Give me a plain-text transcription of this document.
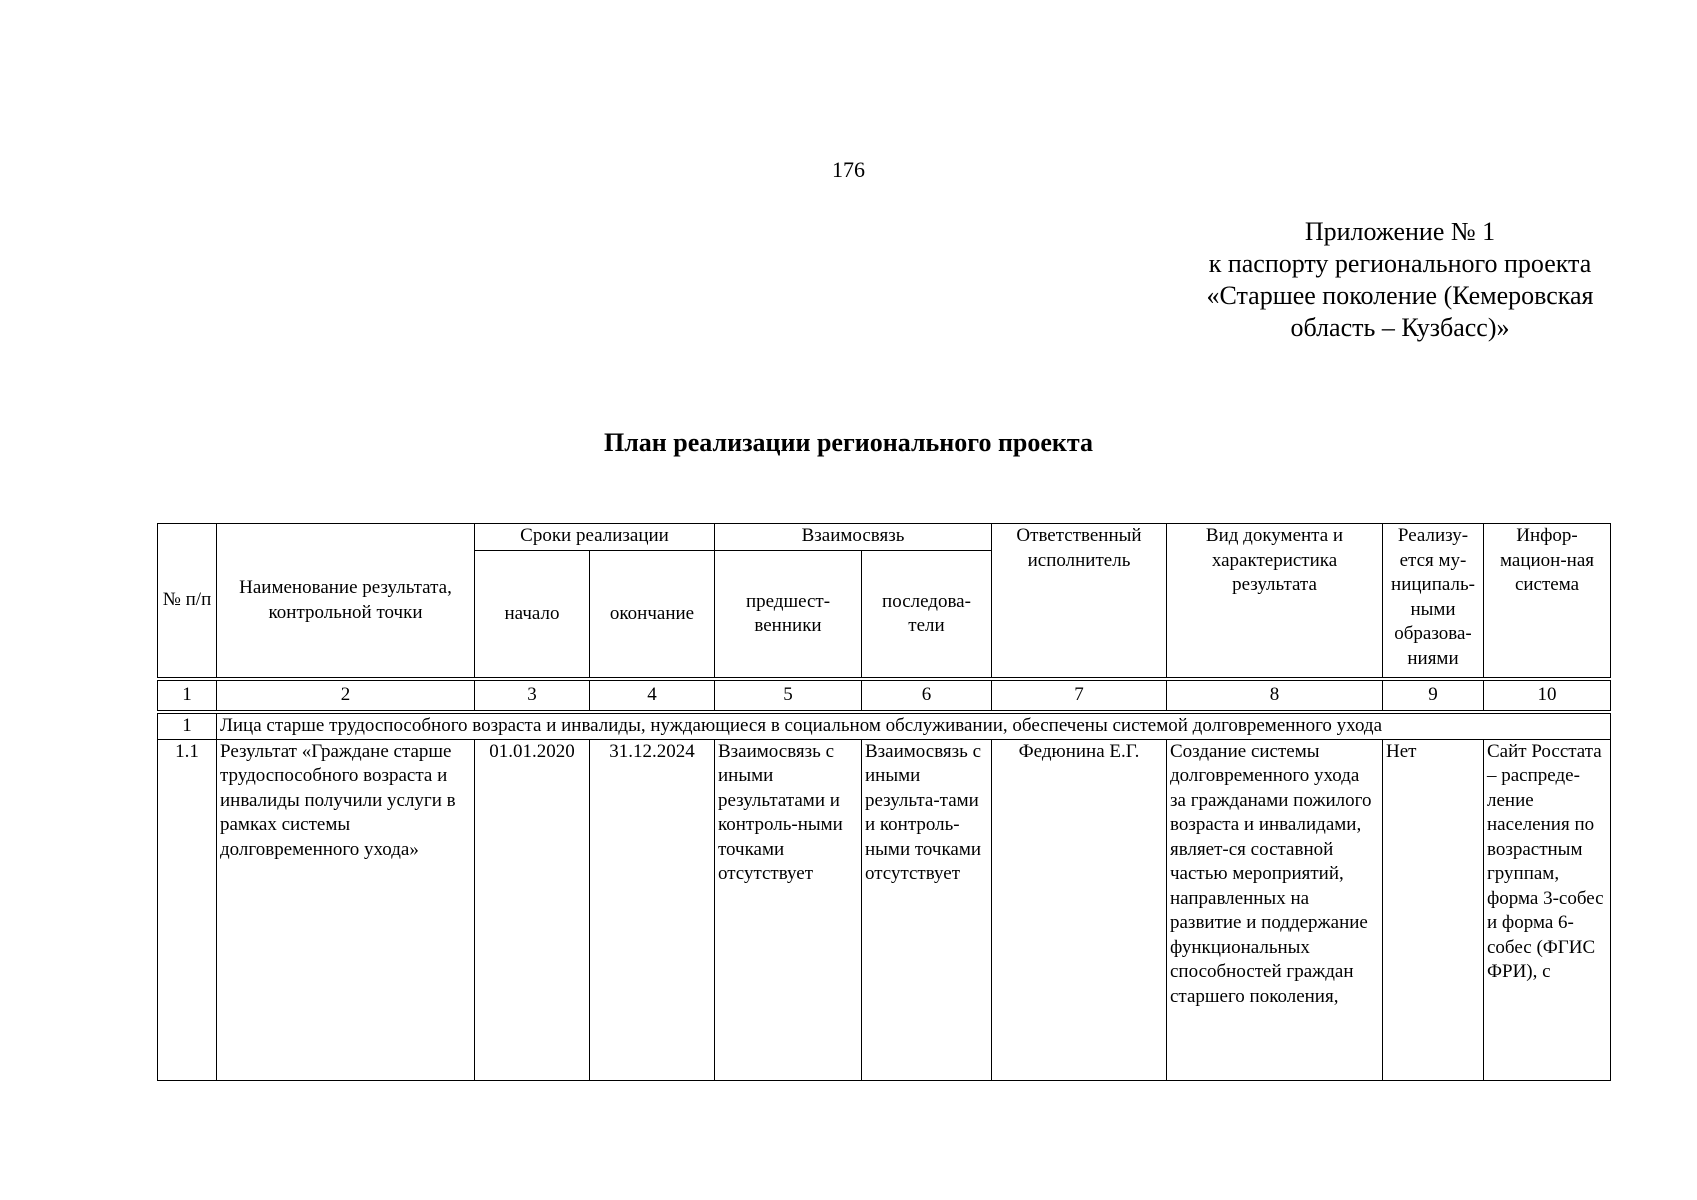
176
Приложение № 1
к паспорту регионального проекта
«Старшее поколение (Кемеровская
область – Кузбасс)»
План реализации регионального проекта
№ п/п	Наименование результата, контрольной точки	Сроки реализации		Взаимосвязь		Ответственный исполнитель	Вид документа и характеристика результата	Реализу-ется му-ниципаль-ными образова-ниями	Инфор-мацион-ная система
		начало	окончание	предшест-венники	последова-тели				
1	2	3	4	5	6	7	8	9	10
1	Лица старше трудоспособного возраста и инвалиды, нуждающиеся в социальном обслуживании, обеспечены системой долговременного ухода								
1.1	Результат «Граждане старше трудоспособного возраста и инвалиды получили услуги в рамках системы долговременного ухода»	01.01.2020	31.12.2024	Взаимосвязь с иными результатами и контроль-ными точками отсутствует	Взаимосвязь с иными результа-тами и контроль-ными точками отсутствует	Федюнина Е.Г.	Создание системы долговременного ухода за гражданами пожилого возраста и инвалидами, являет-ся составной частью мероприятий, направленных на развитие и поддержание функциональных способностей граждан старшего поколения,	Нет	Сайт Росстата – распреде-ление населения по возрастным группам, форма 3-собес и форма 6-собес (ФГИС ФРИ), с
